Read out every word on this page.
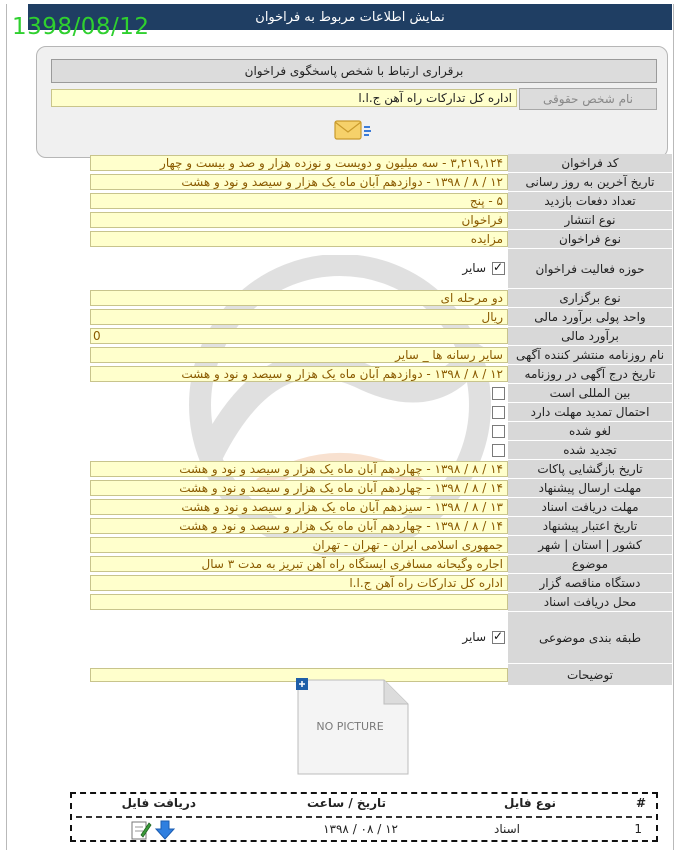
نمایش اطلاعات مربوط به فراخوان
1398/08/12
برقراری ارتباط با شخص پاسخگوی فراخوان
نام شخص حقوقی
اداره کل تدارکات راه آهن ج.ا.ا
کد فراخوان
۳,۲۱۹,۱۲۴ - سه میلیون و دویست و نوزده هزار و صد و بیست و چهار
تاریخ آخرین به روز رسانی
۱۲ / ۸ / ۱۳۹۸ - دوازدهم آبان ماه یک هزار و سیصد و نود و هشت
تعداد دفعات بازدید
۵ - پنج
نوع انتشار
فراخوان
نوع فراخوان
مزایده
حوزه فعالیت فراخوان
✓
سایر
نوع برگزاری
دو مرحله ای
واحد پولی برآورد مالی
ریال
برآورد مالی
0
نام روزنامه منتشر کننده آگهی
سایر رسانه ها _ سایر
تاریخ درج آگهی در روزنامه
۱۲ / ۸ / ۱۳۹۸ - دوازدهم آبان ماه یک هزار و سیصد و نود و هشت
بین المللی است
احتمال تمدید مهلت دارد
لغو شده
تجدید شده
تاریخ بازگشایی پاکات
۱۴ / ۸ / ۱۳۹۸ - چهاردهم آبان ماه یک هزار و سیصد و نود و هشت
مهلت ارسال پیشنهاد
۱۴ / ۸ / ۱۳۹۸ - چهاردهم آبان ماه یک هزار و سیصد و نود و هشت
مهلت دریافت اسناد
۱۳ / ۸ / ۱۳۹۸ - سیزدهم آبان ماه یک هزار و سیصد و نود و هشت
تاریخ اعتبار پیشنهاد
۱۴ / ۸ / ۱۳۹۸ - چهاردهم آبان ماه یک هزار و سیصد و نود و هشت
کشور | استان | شهر
جمهوری اسلامی ایران - تهران - تهران
موضوع
اجاره وگیحانه مسافری ایستگاه راه آهن تبریز به مدت ۳ سال
دستگاه مناقصه گزار
اداره کل تدارکات راه آهن ج.ا.ا
محل دریافت اسناد
طبقه بندی موضوعی
✓
سایر
توضیحات
NO PICTURE
#
نوع فایل
تاریخ / ساعت
دریافت فایل
1
اسناد
۱۲ / ۰۸ / ۱۳۹۸
